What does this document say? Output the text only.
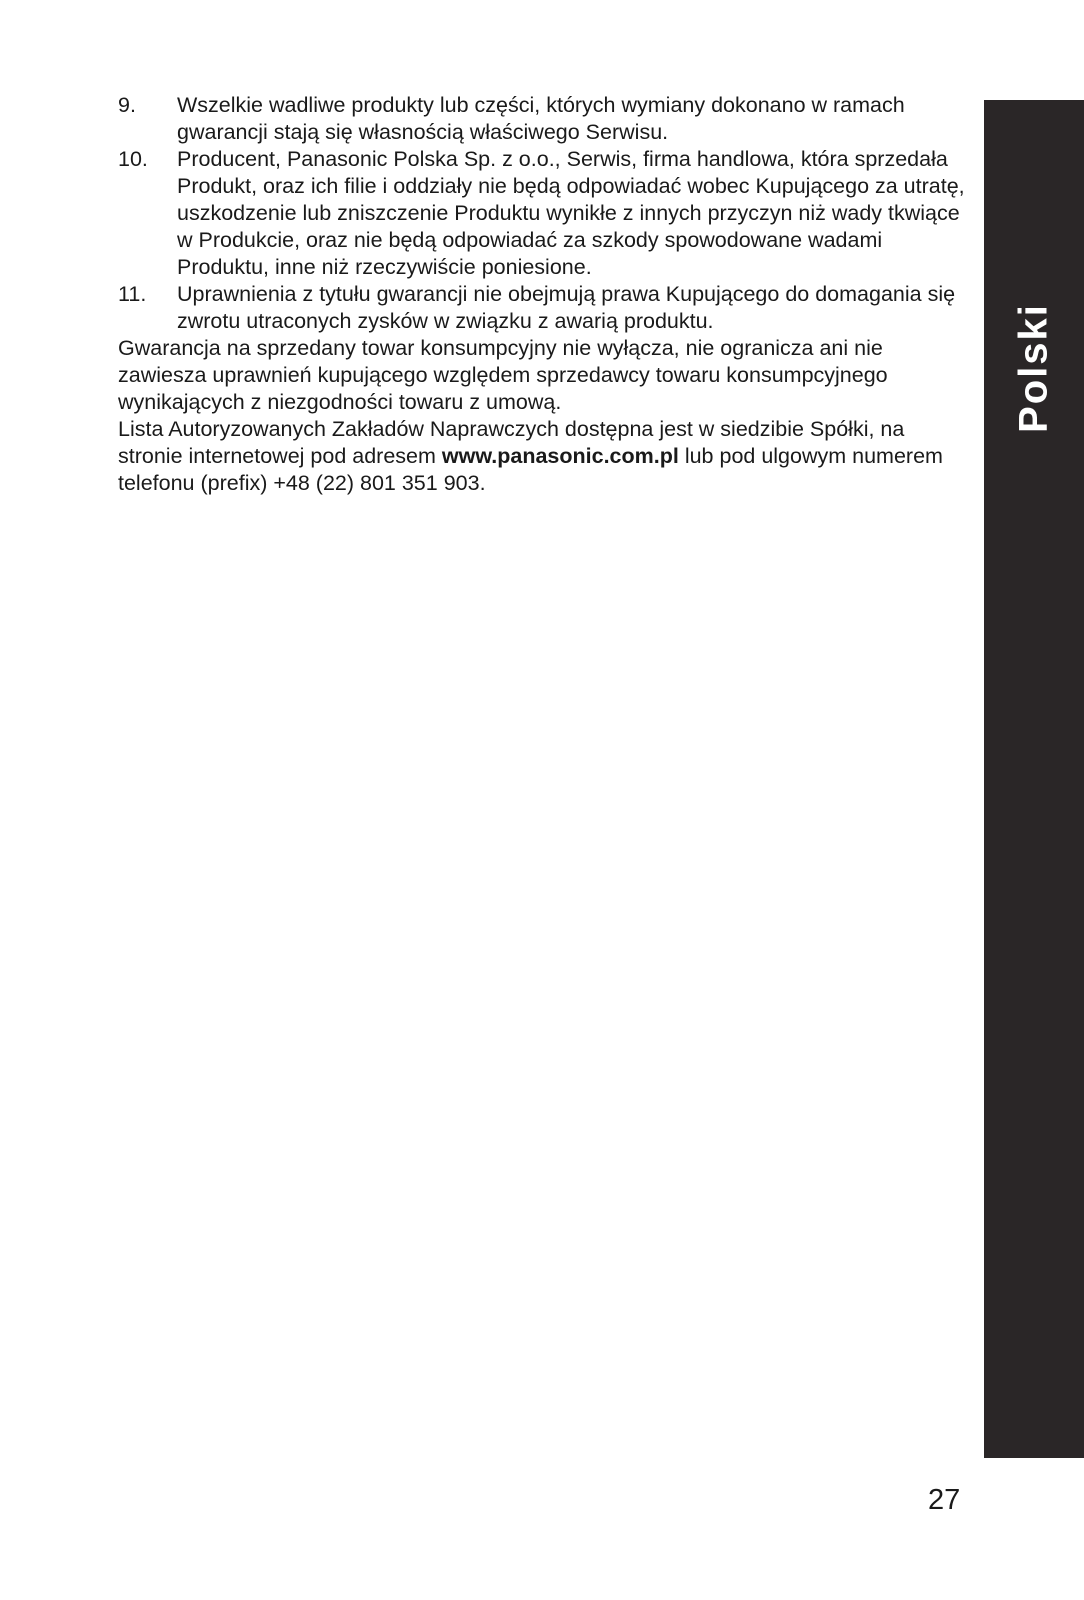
9.	Wszelkie wadliwe produkty lub części, których wymiany dokonano w ramach gwarancji stają się własnością właściwego Serwisu.
10.	Producent, Panasonic Polska Sp. z o.o., Serwis, firma handlowa, która sprzedała Produkt, oraz ich filie i oddziały nie będą odpowiadać wobec Kupującego za utratę, uszkodzenie lub zniszczenie Produktu wynikłe z innych przyczyn niż wady tkwiące w Produkcie, oraz nie będą odpowiadać za szkody spowodowane wadami Produktu, inne niż rzeczywiście poniesione.
11.	Uprawnienia z tytułu gwarancji nie obejmują prawa Kupującego do domagania się zwrotu utraconych zysków w związku z awarią produktu.

Gwarancja na sprzedany towar konsumpcyjny nie wyłącza, nie ogranicza ani nie zawiesza uprawnień kupującego względem sprzedawcy towaru konsumpcyjnego wynikających z niezgodności towaru z umową.

Lista Autoryzowanych Zakładów Naprawczych dostępna jest w siedzibie Spółki, na stronie internetowej pod adresem www.panasonic.com.pl lub pod ulgowym numerem telefonu (prefix) +48 (22) 801 351 903.

Polski
27
